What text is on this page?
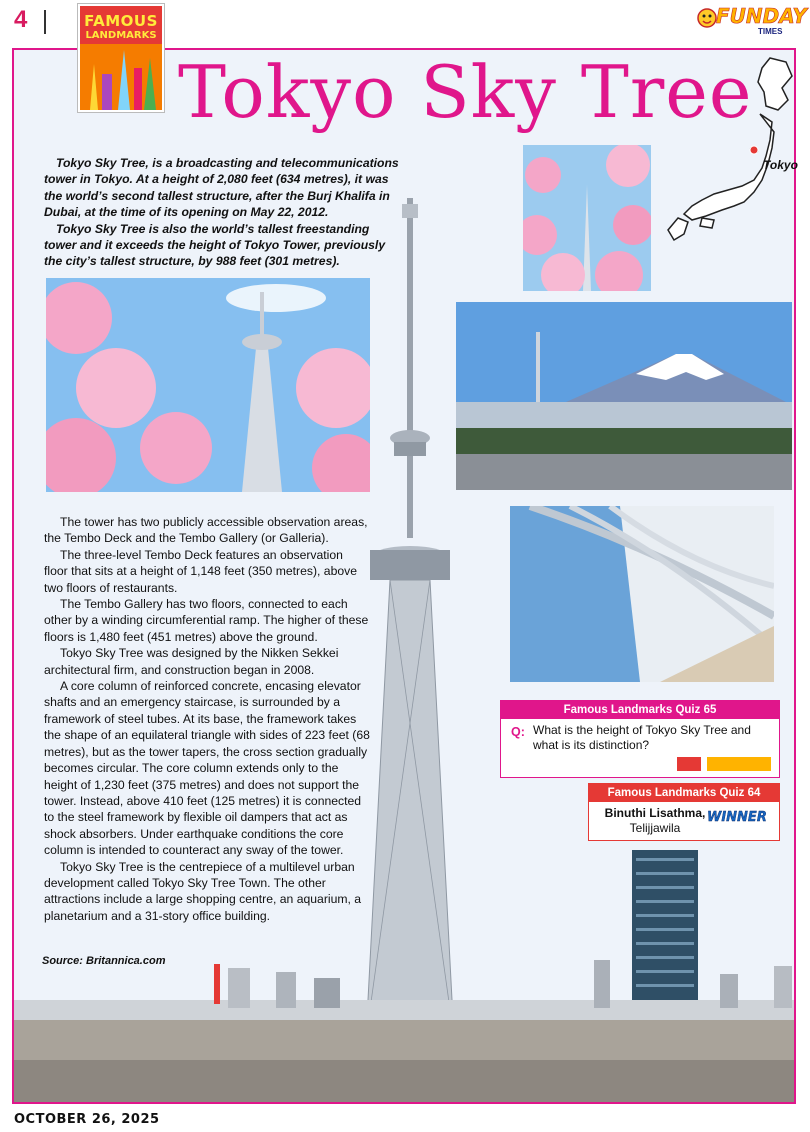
4	FAMOUS
LANDMARKS
Tokyo Sky Tree
FUNDAY
TIMES
Tokyo

Tokyo Sky Tree, is a broadcasting and telecommunications tower in Tokyo. At a height of 2,080 feet (634 metres), it was the world’s second tallest structure, after the Burj Khalifa in Dubai, at the time of its opening on May 22, 2012.

Tokyo Sky Tree is also the world’s tallest freestanding tower and it exceeds the height of Tokyo Tower, previously the city’s tallest structure, by 988 feet (301 metres).

The tower has two publicly accessible observation areas, the Tembo Deck and the Tembo Gallery (or Galleria).

The three-level Tembo Deck features an observation floor that sits at a height of 1,148 feet (350 metres), above two floors of restaurants.

The Tembo Gallery has two floors, connected to each other by a winding circumferential ramp. The higher of these floors is 1,480 feet (451 metres) above the ground.

Tokyo Sky Tree was designed by the Nikken Sekkei architectural firm, and construction began in 2008.

A core column of reinforced concrete, encasing elevator shafts and an emergency staircase, is surrounded by a framework of steel tubes. At its base, the framework takes the shape of an equilateral triangle with sides of 223 feet (68 metres), but as the tower tapers, the cross section gradually becomes circular. The core column extends only to the height of 1,230 feet (375 metres) and does not support the tower. Instead, above 410 feet (125 metres) it is connected to the steel framework by flexible oil dampers that act as shock absorbers. Under earthquake conditions the core column is intended to counteract any sway of the tower.

Tokyo Sky Tree is the centrepiece of a multilevel urban development called Tokyo Sky Tree Town. The other attractions include a large shopping centre, an aquarium, a planetarium and a 31-story office building.

Source: Britannica.com
Famous Landmarks Quiz 65
Q: What is the height of Tokyo Sky Tree and what is its distinction?
Famous Landmarks Quiz 64
Binuthi Lisathma,
Telijjawila
WINNER
OCTOBER 26, 2025
